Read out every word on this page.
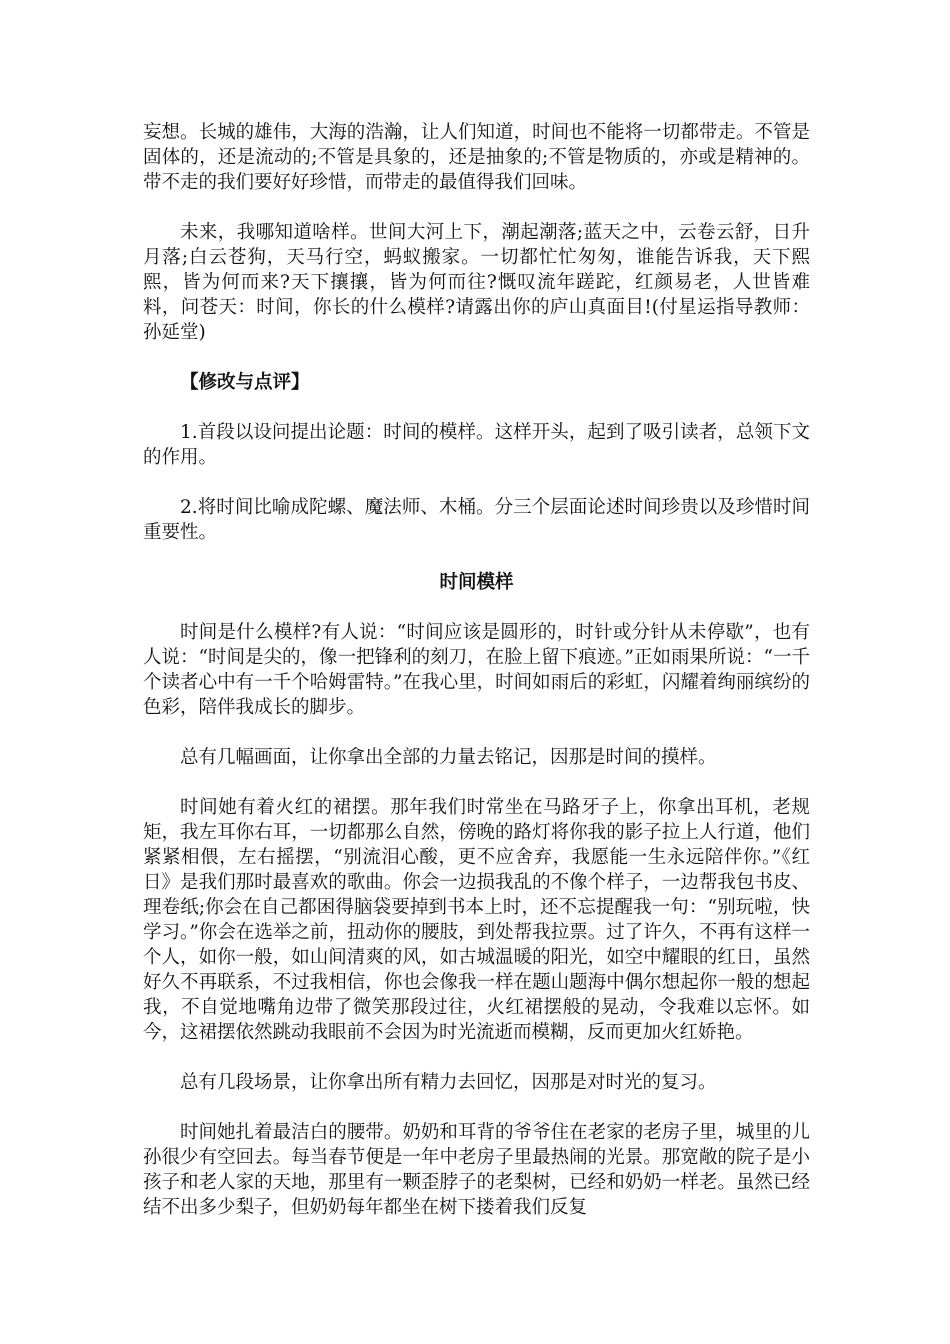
妄想。长城的雄伟，大海的浩瀚，让人们知道，时间也不能将一切都带走。不管是固体的，还是流动的;不管是具象的，还是抽象的;不管是物质的，亦或是精神的。带不走的我们要好好珍惜，而带走的最值得我们回味。

未来，我哪知道啥样。世间大河上下，潮起潮落;蓝天之中，云卷云舒，日升月落;白云苍狗，天马行空，蚂蚁搬家。一切都忙忙匆匆，谁能告诉我，天下熙熙，皆为何而来?天下攘攘，皆为何而往?慨叹流年蹉跎，红颜易老，人世皆难料，问苍天：时间，你长的什么模样?请露出你的庐山真面目!(付星运指导教师：孙延堂)

【修改与点评】

1.首段以设问提出论题：时间的模样。这样开头，起到了吸引读者，总领下文的作用。

2.将时间比喻成陀螺、魔法师、木桶。分三个层面论述时间珍贵以及珍惜时间重要性。

时间模样

时间是什么模样?有人说：“时间应该是圆形的，时针或分针从未停歇”，也有人说：“时间是尖的，像一把锋利的刻刀，在脸上留下痕迹。”正如雨果所说：“一千个读者心中有一千个哈姆雷特。”在我心里，时间如雨后的彩虹，闪耀着绚丽缤纷的色彩，陪伴我成长的脚步。

总有几幅画面，让你拿出全部的力量去铭记，因那是时间的摸样。

时间她有着火红的裙摆。那年我们时常坐在马路牙子上，你拿出耳机，老规矩，我左耳你右耳，一切都那么自然，傍晚的路灯将你我的影子拉上人行道，他们紧紧相偎，左右摇摆，“别流泪心酸，更不应舍弃，我愿能一生永远陪伴你。”《红日》是我们那时最喜欢的歌曲。你会一边损我乱的不像个样子，一边帮我包书皮、理卷纸;你会在自己都困得脑袋要掉到书本上时，还不忘提醒我一句：“别玩啦，快学习。”你会在选举之前，扭动你的腰肢，到处帮我拉票。过了许久，不再有这样一个人，如你一般，如山间清爽的风，如古城温暖的阳光，如空中耀眼的红日，虽然好久不再联系，不过我相信，你也会像我一样在题山题海中偶尔想起你一般的想起我，不自觉地嘴角边带了微笑那段过往，火红裙摆般的晃动，令我难以忘怀。如今，这裙摆依然跳动我眼前不会因为时光流逝而模糊，反而更加火红娇艳。

总有几段场景，让你拿出所有精力去回忆，因那是对时光的复习。

时间她扎着最洁白的腰带。奶奶和耳背的爷爷住在老家的老房子里，城里的儿孙很少有空回去。每当春节便是一年中老房子里最热闹的光景。那宽敞的院子是小孩子和老人家的天地，那里有一颗歪脖子的老梨树，已经和奶奶一样老。虽然已经结不出多少梨子，但奶奶每年都坐在树下搂着我们反复
